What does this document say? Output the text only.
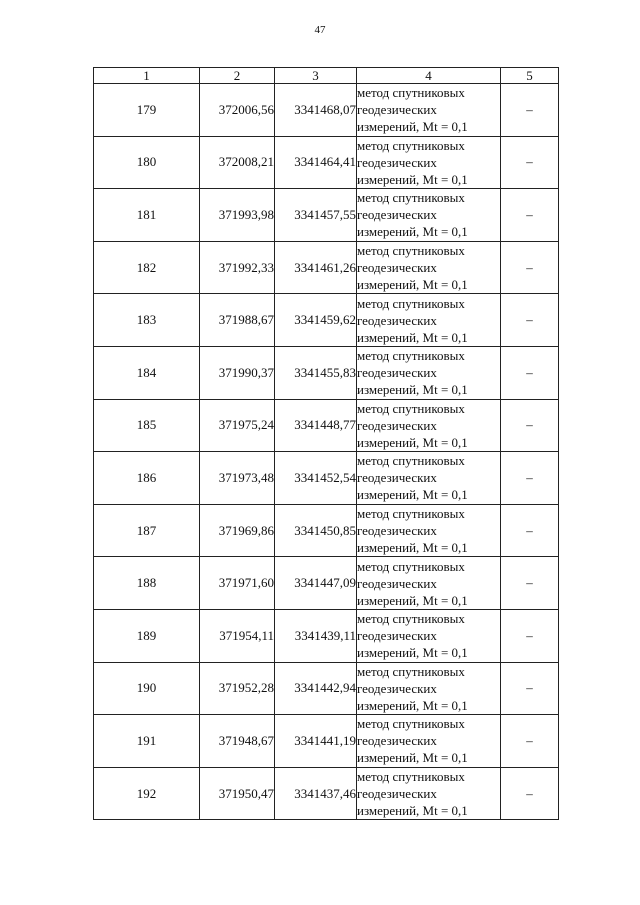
47
1	2	3	4	5
179	372006,56	3341468,07	метод спутниковых
геодезических
измерений, Mt = 0,1	–
180	372008,21	3341464,41	метод спутниковых
геодезических
измерений, Mt = 0,1	–
181	371993,98	3341457,55	метод спутниковых
геодезических
измерений, Mt = 0,1	–
182	371992,33	3341461,26	метод спутниковых
геодезических
измерений, Mt = 0,1	–
183	371988,67	3341459,62	метод спутниковых
геодезических
измерений, Mt = 0,1	–
184	371990,37	3341455,83	метод спутниковых
геодезических
измерений, Mt = 0,1	–
185	371975,24	3341448,77	метод спутниковых
геодезических
измерений, Mt = 0,1	–
186	371973,48	3341452,54	метод спутниковых
геодезических
измерений, Mt = 0,1	–
187	371969,86	3341450,85	метод спутниковых
геодезических
измерений, Mt = 0,1	–
188	371971,60	3341447,09	метод спутниковых
геодезических
измерений, Mt = 0,1	–
189	371954,11	3341439,11	метод спутниковых
геодезических
измерений, Mt = 0,1	–
190	371952,28	3341442,94	метод спутниковых
геодезических
измерений, Mt = 0,1	–
191	371948,67	3341441,19	метод спутниковых
геодезических
измерений, Mt = 0,1	–
192	371950,47	3341437,46	метод спутниковых
геодезических
измерений, Mt = 0,1	–
